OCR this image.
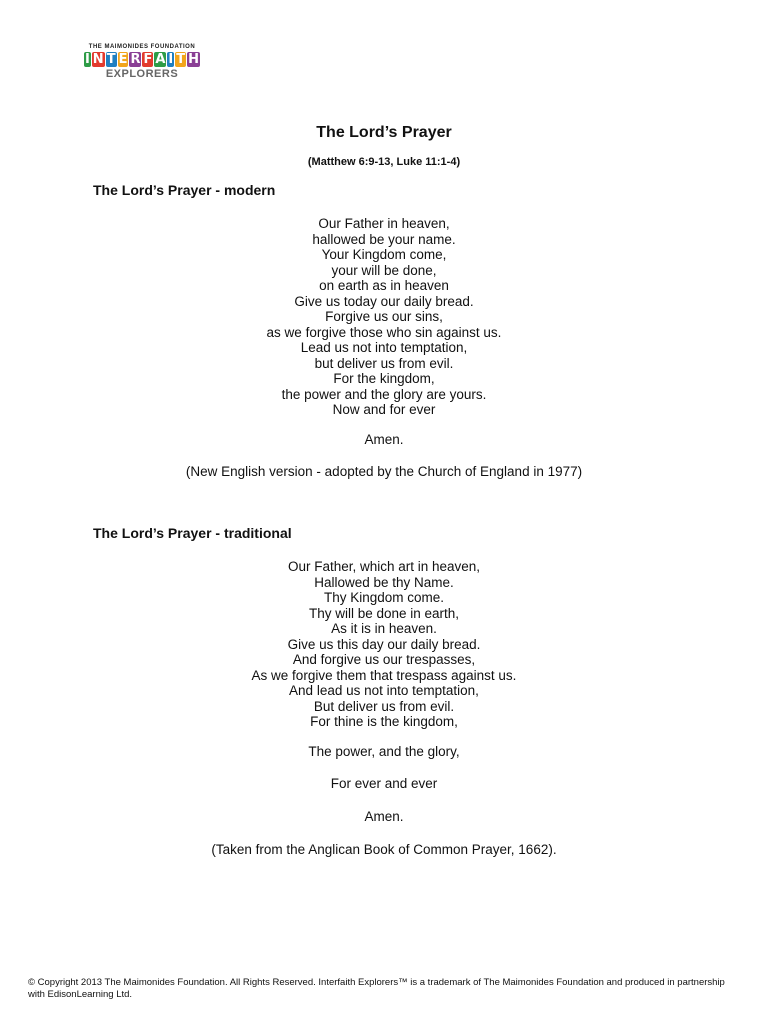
THE MAIMONIDES FOUNDATION
I N T E R F A I T H
EXPLORERS
The Lord’s Prayer
(Matthew 6:9-13, Luke 11:1-4)
The Lord’s Prayer - modern
Our Father in heaven,
hallowed be your name.
Your Kingdom come,
your will be done,
on earth as in heaven
Give us today our daily bread.
Forgive us our sins,
as we forgive those who sin against us.
Lead us not into temptation,
but deliver us from evil.
For the kingdom,
the power and the glory are yours.
Now and for ever
Amen.
(New English version - adopted by the Church of England in 1977)
The Lord’s Prayer - traditional
Our Father, which art in heaven,
Hallowed be thy Name.
Thy Kingdom come.
Thy will be done in earth,
As it is in heaven.
Give us this day our daily bread.
And forgive us our trespasses,
As we forgive them that trespass against us.
And lead us not into temptation,
But deliver us from evil.
For thine is the kingdom,
The power, and the glory,
For ever and ever
Amen.
(Taken from the Anglican Book of Common Prayer, 1662).
© Copyright 2013 The Maimonides Foundation. All Rights Reserved. Interfaith Explorers™ is a trademark of The Maimonides Foundation and produced in partnership with EdisonLearning Ltd.
